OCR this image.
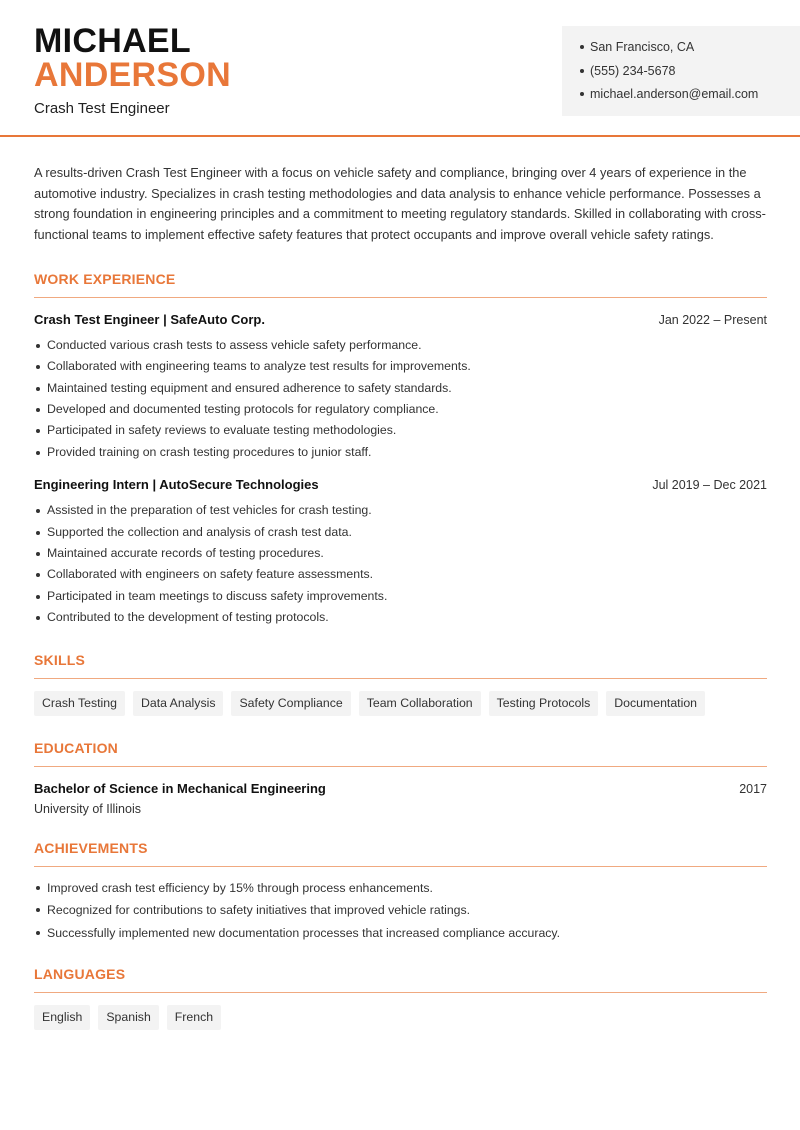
MICHAEL
ANDERSON
Crash Test Engineer
San Francisco, CA
(555) 234-5678
michael.anderson@email.com

A results-driven Crash Test Engineer with a focus on vehicle safety and compliance, bringing over 4 years of experience in the automotive industry. Specializes in crash testing methodologies and data analysis to enhance vehicle performance. Possesses a strong foundation in engineering principles and a commitment to meeting regulatory standards. Skilled in collaborating with cross-functional teams to implement effective safety features that protect occupants and improve overall vehicle safety ratings.

WORK EXPERIENCE
Crash Test Engineer | SafeAuto Corp.	Jan 2022 – Present
Conducted various crash tests to assess vehicle safety performance.
Collaborated with engineering teams to analyze test results for improvements.
Maintained testing equipment and ensured adherence to safety standards.
Developed and documented testing protocols for regulatory compliance.
Participated in safety reviews to evaluate testing methodologies.
Provided training on crash testing procedures to junior staff.
Engineering Intern | AutoSecure Technologies	Jul 2019 – Dec 2021
Assisted in the preparation of test vehicles for crash testing.
Supported the collection and analysis of crash test data.
Maintained accurate records of testing procedures.
Collaborated with engineers on safety feature assessments.
Participated in team meetings to discuss safety improvements.
Contributed to the development of testing protocols.
SKILLS
Crash Testing	Data Analysis	Safety Compliance	Team Collaboration	Testing Protocols	Documentation
EDUCATION
Bachelor of Science in Mechanical Engineering	2017
University of Illinois
ACHIEVEMENTS
Improved crash test efficiency by 15% through process enhancements.
Recognized for contributions to safety initiatives that improved vehicle ratings.
Successfully implemented new documentation processes that increased compliance accuracy.
LANGUAGES
English	Spanish	French
